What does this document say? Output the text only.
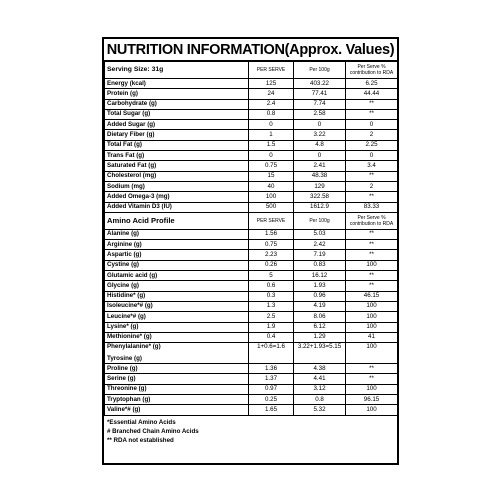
NUTRITION INFORMATION(Approx. Values)
Serving Size: 31g	PER SERVE	Per 100g	Per Serve % contribution to RDA
Energy (kcal)	125	403.22	6.25
Protein (g)	24	77.41	44.44
Carbohydrate (g)	2.4	7.74	**
Total Sugar (g)	0.8	2.58	**
Added Sugar (g)	0	0	0
Dietary Fiber (g)	1	3.22	2
Total Fat (g)	1.5	4.8	2.25
Trans Fat (g)	0	0	0
Saturated Fat (g)	0.75	2.41	3.4
Cholesterol (mg)	15	48.38	**
Sodium (mg)	40	129	2
Added Omega-3 (mg)	100	322.58	**
Added Vitamin D3 (IU)	500	1612.9	83.33
Amino Acid Profile	PER SERVE	Per 100g	Per Serve % contribution to RDA
Alanine (g)	1.56	5.03	**
Arginine (g)	0.75	2.42	**
Aspartic (g)	2.23	7.19	**
Cystine (g)	0.26	0.83	100
Glutamic acid (g)	5	16.12	**
Glycine (g)	0.6	1.93	**
Histidine* (g)	0.3	0.96	46.15
Isoleucine*# (g)	1.3	4.19	100
Leucine*# (g)	2.5	8.06	100
Lysine* (g)	1.9	6.12	100
Methionine* (g)	0.4	1.29	41

Phenylalanine* (g)
Tyrosine (g)	1+0.6=1.6	3.22+1.93=5.15	100
Proline (g)	1.36	4.38	**
Serine (g)	1.37	4.41	**
Threonine (g)	0.97	3.12	100
Tryptophan (g)	0.25	0.8	96.15
Valine*# (g)	1.65	5.32	100
*Essential Amino Acids
# Branched Chain Amino Acids
** RDA not established
